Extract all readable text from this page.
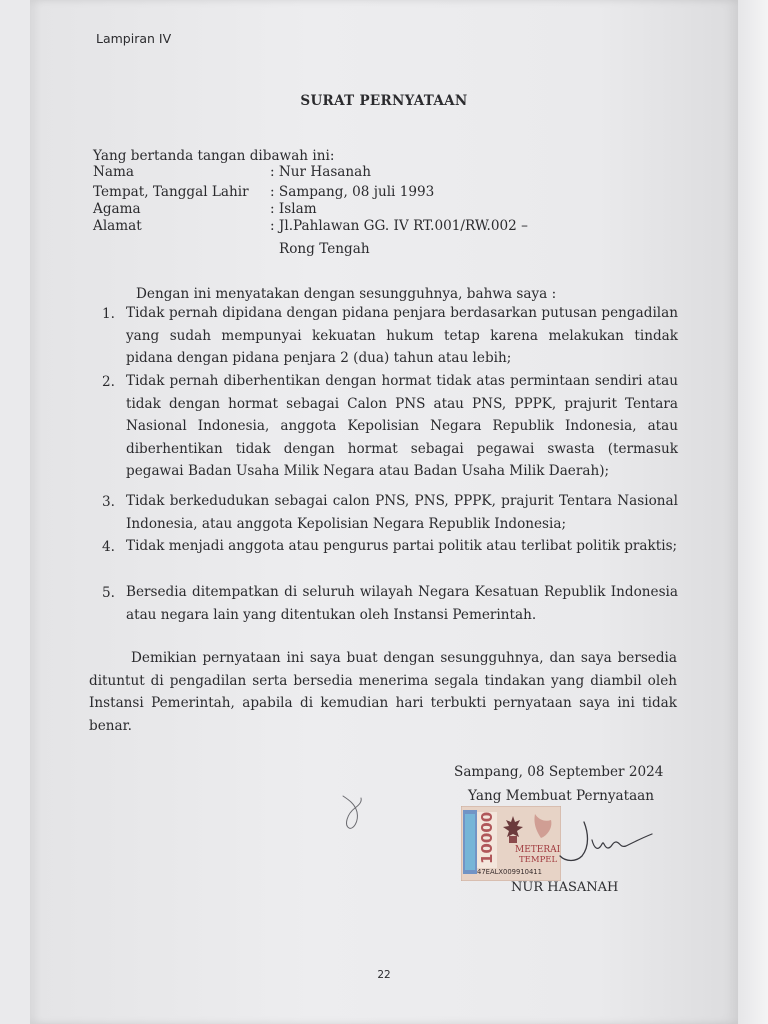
Lampiran IV
SURAT PERNYATAAN
Yang bertanda tangan dibawah ini:
Nama	: Nur Hasanah
Tempat, Tanggal Lahir : Sampang, 08 juli 1993
Agama	: Islam
Alamat	: Jl.Pahlawan GG. IV RT.001/RW.002 –
Rong Tengah
Dengan ini menyatakan dengan sesungguhnya, bahwa saya :
1. Tidak pernah dipidana dengan pidana penjara berdasarkan putusan pengadilan yang sudah mempunyai kekuatan hukum tetap karena melakukan tindak pidana dengan pidana penjara 2 (dua) tahun atau lebih;
2. Tidak pernah diberhentikan dengan hormat tidak atas permintaan sendiri atau tidak dengan hormat sebagai Calon PNS atau PNS, PPPK, prajurit Tentara Nasional Indonesia, anggota Kepolisian Negara Republik Indonesia, atau diberhentikan tidak dengan hormat sebagai pegawai swasta (termasuk pegawai Badan Usaha Milik Negara atau Badan Usaha Milik Daerah);
3. Tidak berkedudukan sebagai calon PNS, PNS, PPPK, prajurit Tentara Nasional Indonesia, atau anggota Kepolisian Negara Republik Indonesia;
4. Tidak menjadi anggota atau pengurus partai politik atau terlibat politik praktis;
5. Bersedia ditempatkan di seluruh wilayah Negara Kesatuan Republik Indonesia atau negara lain yang ditentukan oleh Instansi Pemerintah.
Demikian pernyataan ini saya buat dengan sesungguhnya, dan saya bersedia dituntut di pengadilan serta bersedia menerima segala tindakan yang diambil oleh Instansi Pemerintah, apabila di kemudian hari terbukti pernyataan saya ini tidak benar.
Sampang, 08 September 2024
Yang Membuat Pernyataan
10000 METERAI
TEMPEL
47EALX009910411
NUR HASANAH
22
